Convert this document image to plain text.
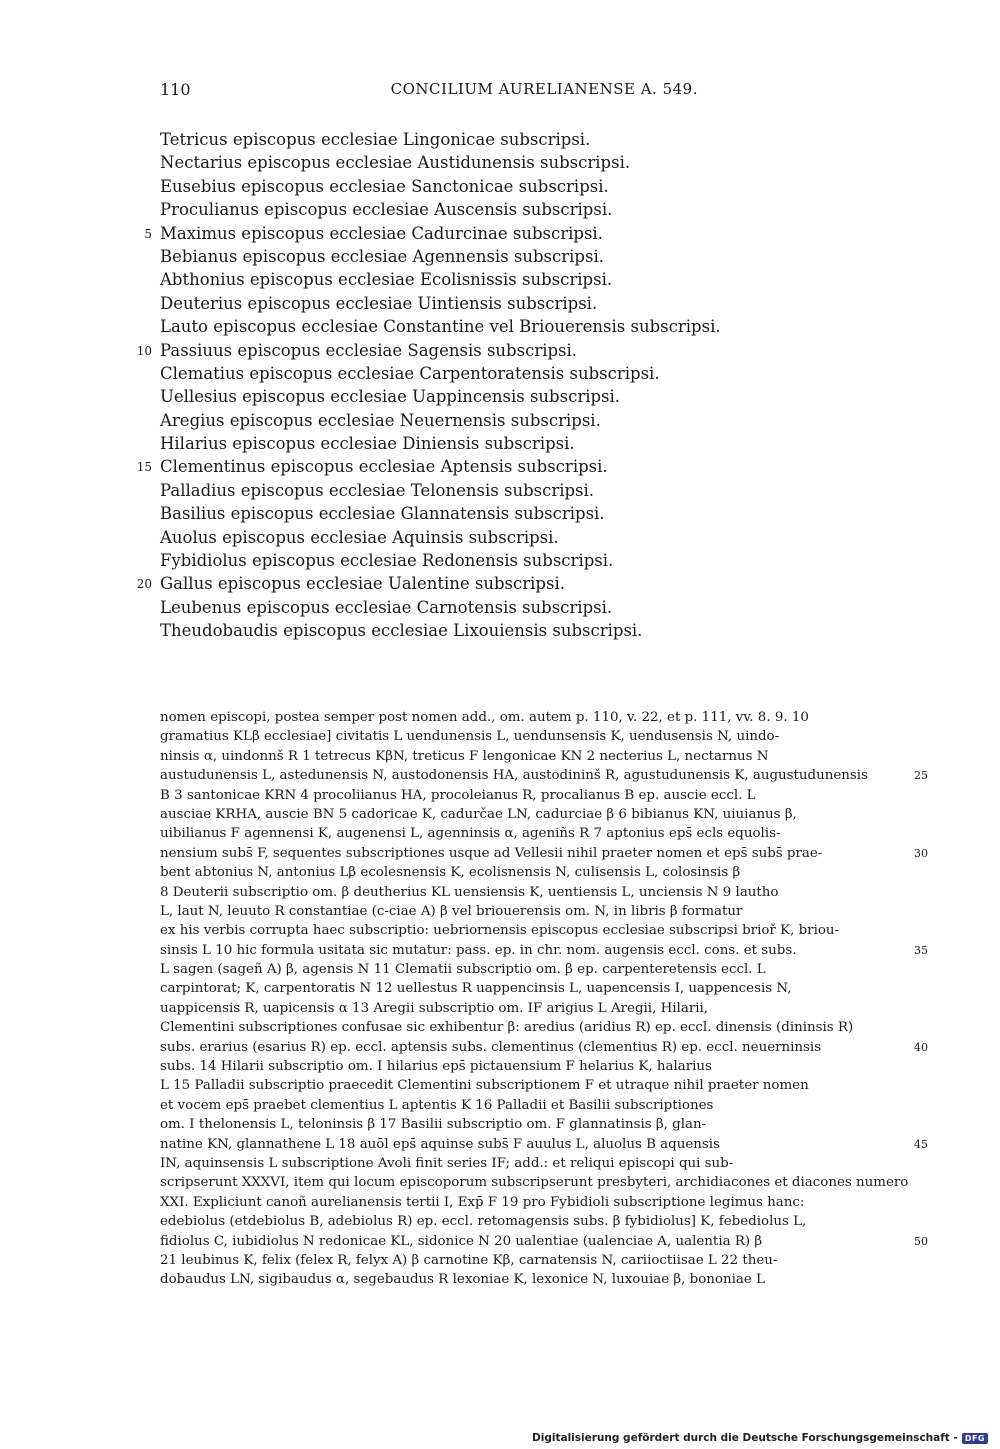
110	CONCILIUM AURELIANENSE A. 549.
Tetricus episcopus ecclesiae Lingonicae subscripsi.
Nectarius episcopus ecclesiae Austidunensis subscripsi.
Eusebius episcopus ecclesiae Sanctonicae subscripsi.
Proculianus episcopus ecclesiae Auscensis subscripsi.
5 Maximus episcopus ecclesiae Cadurcinae subscripsi.
Bebianus episcopus ecclesiae Agennensis subscripsi.
Abthonius episcopus ecclesiae Ecolisnissis subscripsi.
Deuterius episcopus ecclesiae Uintiensis subscripsi.
Lauto episcopus ecclesiae Constantine vel Briouerensis subscripsi.
10 Passiuus episcopus ecclesiae Sagensis subscripsi.
Clematius episcopus ecclesiae Carpentoratensis subscripsi.
Uellesius episcopus ecclesiae Uappincensis subscripsi.
Aregius episcopus ecclesiae Neuernensis subscripsi.
Hilarius episcopus ecclesiae Diniensis subscripsi.
15 Clementinus episcopus ecclesiae Aptensis subscripsi.
Palladius episcopus ecclesiae Telonensis subscripsi.
Basilius episcopus ecclesiae Glannatensis subscripsi.
Auolus episcopus ecclesiae Aquinsis subscripsi.
Fybidiolus episcopus ecclesiae Redonensis subscripsi.
20 Gallus episcopus ecclesiae Ualentine subscripsi.
Leubenus episcopus ecclesiae Carnotensis subscripsi.
Theudobaudis episcopus ecclesiae Lixouiensis subscripsi.
nomen episcopi, postea semper post nomen add., om. autem p. 110, v. 22, et p. 111, vv. 8. 9. 10
gramatius KLβ ecclesiae] civitatis L uendunensis L, uendunsensis K, uendusensis N, uindo-
ninsis α, uindonnš R 1 tetrecus KβN, treticus F lengonicae KN 2 necterius L, nectarnus N
austudunensis L, astedunensis N, austodonensis HA, austodininš R, agustudunensis K, augustudunensis	25
B 3 santonicae KRN 4 procoliianus HA, procoleianus R, procalianus B ep. auscie eccl. L
ausciae KRHA, auscie BN 5 cadoricae K, cadurčae LN, cadurciae β 6 bibianus KN, uiuianus β,
uibilianus F agennensi K, augenensi L, agenninsis α, ageniñs R 7 aptonius eps̄ ecls equolis-
nensium subs̄ F, sequentes subscriptiones usque ad Vellesii nihil praeter nomen et eps̄ subs̄ prae-	30
bent abtonius N, antonius Lβ ecolesnensis K, ecolisnensis N, culisensis L, colosinsis β
8 Deuterii subscriptio om. β deutherius KL uensiensis K, uentiensis L, unciensis N 9 lautho
L, laut N, leuuto R constantiae (c-ciae A) β vel briouerensis om. N, in libris β formatur
ex his verbis corrupta haec subscriptio: uebriornensis episcopus ecclesiae subscripsi brioř K, briou-
sinsis L 10 hic formula usitata sic mutatur: pass. ep. in chr. nom. augensis eccl. cons. et subs.	35
L sagen (sageñ A) β, agensis N 11 Clematii subscriptio om. β ep. carpenteretensis eccl. L
carpintorat; K, carpentoratis N 12 uellestus R uappencinsis L, uapencensis I, uappencesis N,
uappicensis R, uapicensis α 13 Aregii subscriptio om. IF arigius L Aregii, Hilarii,
Clementini subscriptiones confusae sic exhibentur β: aredius (aridius R) ep. eccl. dinensis (dininsis R)
subs. erarius (esarius R) ep. eccl. aptensis subs. clementinus (clementius R) ep. eccl. neuerninsis	40
subs. 14 Hilarii subscriptio om. I hilarius eps̄ pictauensium F helarius K, halarius
L 15 Palladii subscriptio praecedit Clementini subscriptionem F et utraque nihil praeter nomen
et vocem eps̄ praebet clementius L aptentis K 16 Palladii et Basilii subscriptiones
om. I thelonensis L, teloninsis β 17 Basilii subscriptio om. F glannatinsis β, glan-
natine KN, glannathene L 18 auōl eps̄ aquinse subs̄ F auulus L, aluolus B aquensis	45
IN, aquinsensis L subscriptione Avoli finit series IF; add.: et reliqui episcopi qui sub-
scripserunt XXXVI, item qui locum episcoporum subscripserunt presbyteri, archidiacones et diacones numero
XXI. Expliciunt canoñ aurelianensis tertii I, Exp̄ F 19 pro Fybidioli subscriptione legimus hanc:
edebiolus (etdebiolus B, adebiolus R) ep. eccl. retomagensis subs. β fybidiolus] K, febediolus L,
fidiolus C, iubidiolus N redonicae KL, sidonice N 20 ualentiae (ualenciae A, ualentia R) β	50
21 leubinus K, felix (felex R, felyx A) β carnotine Kβ, carnatensis N, cariioctiisae L 22 theu-
dobaudus LN, sigibaudus α, segebaudus R lexoniae K, lexonice N, luxouiae β, bononiae L
Digitalisierung gefördert durch die Deutsche Forschungsgemeinschaft - DFG
